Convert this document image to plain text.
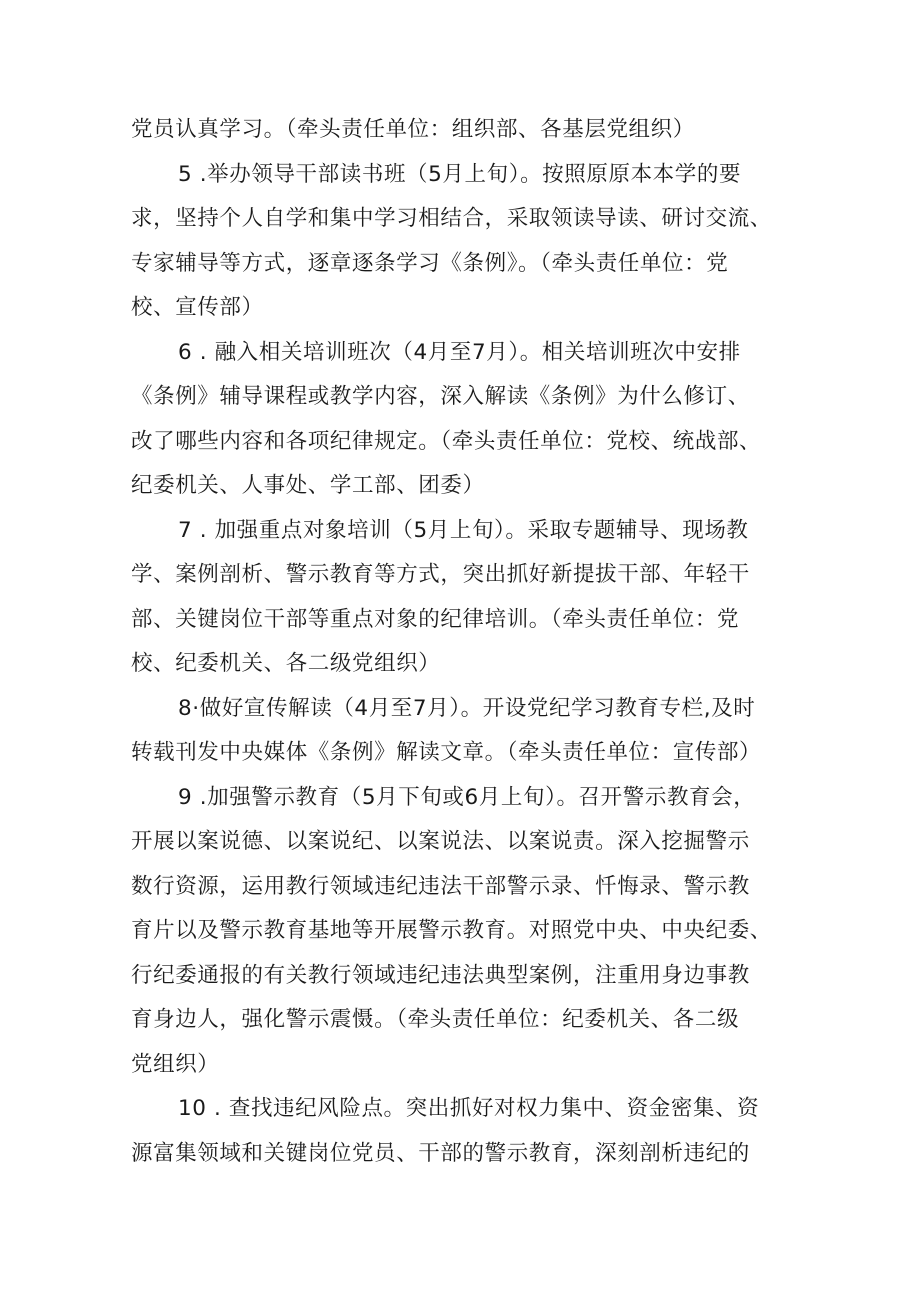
党员认真学习。（牵头责任单位：组织部、各基层党组织）
5 .举办领导干部读书班（5月上旬）。按照原原本本学的要
求，坚持个人自学和集中学习相结合，采取领读导读、研讨交流、
专家辅导等方式，逐章逐条学习《条例》。（牵头责任单位：党
校、宣传部）
6 . 融入相关培训班次（4月至7月）。相关培训班次中安排
《条例》辅导课程或教学内容，深入解读《条例》为什么修订、
改了哪些内容和各项纪律规定。（牵头责任单位：党校、统战部、
纪委机关、人事处、学工部、团委）
7 . 加强重点对象培训（5月上旬）。采取专题辅导、现场教
学、案例剖析、警示教育等方式，突出抓好新提拔干部、年轻干
部、关键岗位干部等重点对象的纪律培训。（牵头责任单位：党
校、纪委机关、各二级党组织）
8·做好宣传解读（4月至7月）。开设党纪学习教育专栏,及时
转载刊发中央媒体《条例》解读文章。（牵头责任单位：宣传部）
9 .加强警示教育（5月下旬或6月上旬）。召开警示教育会，
开展以案说德、以案说纪、以案说法、以案说责。深入挖掘警示
数行资源，运用教行领域违纪违法干部警示录、忏悔录、警示教
育片以及警示教育基地等开展警示教育。对照党中央、中央纪委、
行纪委通报的有关教行领域违纪违法典型案例，注重用身边事教
育身边人，强化警示震慑。（牵头责任单位：纪委机关、各二级
党组织）
10 . 查找违纪风险点。突出抓好对权力集中、资金密集、资
源富集领域和关键岗位党员、干部的警示教育，深刻剖析违纪的
